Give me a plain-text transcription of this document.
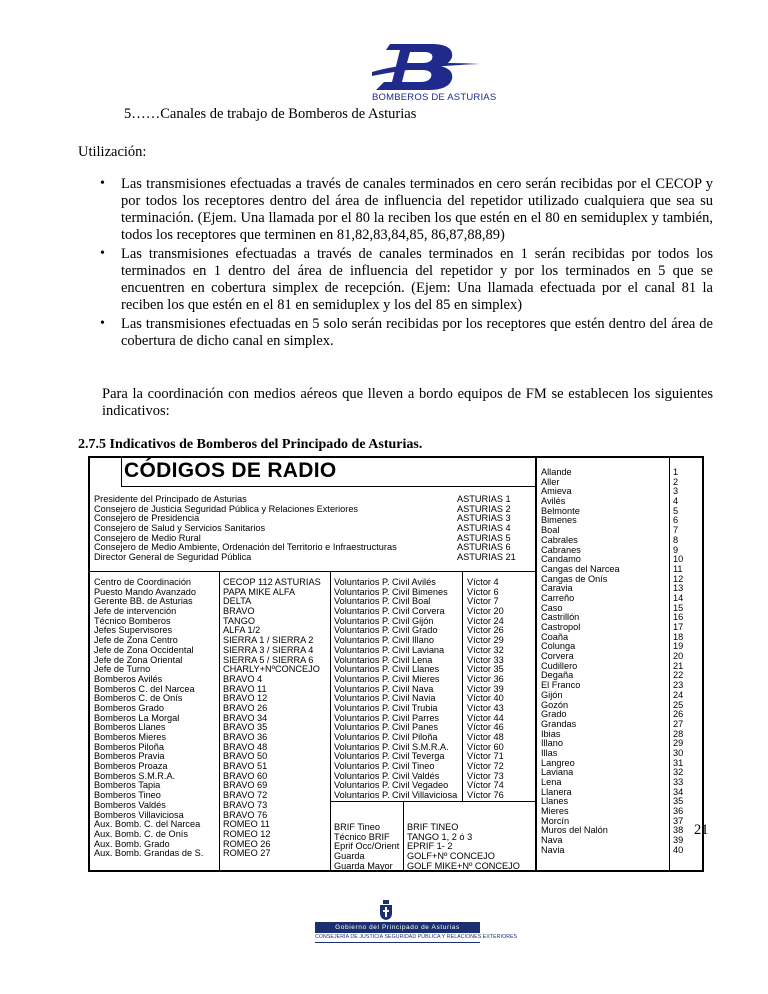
BOMBEROS DE ASTURIAS
5……Canales de trabajo de Bomberos de Asturias
Utilización:
• Las transmisiones efectuadas a través de canales terminados en cero serán recibidas por el CECOP y por todos los receptores dentro del área de influencia del repetidor utilizado cualquiera que sea su terminación. (Ejem. Una llamada por el 80 la reciben los que estén en el 80 en semiduplex y también, todos los receptores que terminen en 81,82,83,84,85, 86,87,88,89)
• Las transmisiones efectuadas a través de canales terminados en 1 serán recibidas por todos los terminados en 1 dentro del área de influencia del repetidor y por los terminados en 5 que se encuentren en cobertura simplex de recepción. (Ejem: Una llamada efectuada por el canal 81 la reciben los que estén en el 81 en semiduplex y los del 85 en simplex)
• Las transmisiones efectuadas en 5 solo serán recibidas por los receptores que estén dentro del área de cobertura de dicho canal en simplex.
Para la coordinación con medios aéreos que lleven a bordo equipos de FM se establecen los siguientes indicativos:
2.7.5 Indicativos de Bomberos del Principado de Asturias.
CÓDIGOS DE RADIO
Presidente del Principado de Asturias
Consejero de Justicia Seguridad Pública y Relaciones Exteriores
Consejero de Presidencia
Consejero de Salud y Servicios Sanitarios
Consejero de Medio Rural
Consejero de Medio Ambiente, Ordenación del Territorio e Infraestructuras
Director General de Seguridad Pública
ASTURIAS 1
ASTURIAS 2
ASTURIAS 3
ASTURIAS 4
ASTURIAS 5
ASTURIAS 6
ASTURIAS 21
Centro de Coordinación
Puesto Mando Avanzado
Gerente BB. de Asturias
Jefe de intervención
Técnico Bomberos
Jefes Supervisores
Jefe de Zona Centro
Jefe de Zona Occidental
Jefe de Zona Oriental
Jefe de Turno
Bomberos Avilés
Bomberos C. del Narcea
Bomberos C. de Onís
Bomberos Grado
Bomberos La Morgal
Bomberos Llanes
Bomberos Mieres
Bomberos Piloña
Bomberos Pravia
Bomberos Proaza
Bomberos S.M.R.A.
Bomberos Tapia
Bomberos Tineo
Bomberos Valdés
Bomberos Villaviciosa
Aux. Bomb. C. del Narcea
Aux. Bomb. C. de Onís
Aux. Bomb. Grado
Aux. Bomb. Grandas de S.
CECOP 112 ASTURIAS
PAPA MIKE ALFA
DELTA
BRAVO
TANGO
ALFA 1/2
SIERRA 1 / SIERRA 2
SIERRA 3 / SIERRA 4
SIERRA 5 / SIERRA 6
CHARLY+NºCONCEJO
BRAVO 4
BRAVO 11
BRAVO 12
BRAVO 26
BRAVO 34
BRAVO 35
BRAVO 36
BRAVO 48
BRAVO 50
BRAVO 51
BRAVO 60
BRAVO 69
BRAVO 72
BRAVO 73
BRAVO 76
ROMEO 11
ROMEO 12
ROMEO 26
ROMEO 27
Voluntarios P. Civil Avilés
Voluntarios P. Civil Bimenes
Voluntarios P. Civil Boal
Voluntarios P. Civil Corvera
Voluntarios P. Civil Gijón
Voluntarios P. Civil Grado
Voluntarios P. Civil Illano
Voluntarios P. Civil Laviana
Voluntarios P. Civil Lena
Voluntarios P. Civil Llanes
Voluntarios P. Civil Mieres
Voluntarios P. Civil Nava
Voluntarios P. Civil Navia
Voluntarios P. Civil Trubia
Voluntarios P. Civil Parres
Voluntarios P. Civil Panes
Voluntarios P. Civil Piloña
Voluntarios P. Civil S.M.R.A.
Voluntarios P. Civil Teverga
Voluntarios P. Civil Tineo
Voluntarios P. Civil Valdés
Voluntarios P. Civil Vegadeo
Voluntarios P. Civil Villaviciosa
Víctor 4
Víctor 6
Víctor 7
Víctor 20
Víctor 24
Víctor 26
Víctor 29
Víctor 32
Víctor 33
Víctor 35
Víctor 36
Víctor 39
Víctor 40
Víctor 43
Víctor 44
Víctor 46
Víctor 48
Víctor 60
Víctor 71
Víctor 72
Víctor 73
Víctor 74
Víctor 76
BRIF Tineo
Técnico BRIF
Eprif Occ/Orient
Guarda
Guarda Mayor
BRIF TINEO
TANGO 1, 2 ó 3
EPRIF 1- 2
GOLF+Nº CONCEJO
GOLF MIKE+Nº CONCEJO
Allande
Aller
Amieva
Avilés
Belmonte
Bimenes
Boal
Cabrales
Cabranes
Candamo
Cangas del Narcea
Cangas de Onís
Caravia
Carreño
Caso
Castrillón
Castropol
Coaña
Colunga
Corvera
Cudillero
Degaña
El Franco
Gijón
Gozón
Grado
Grandas
Ibias
Illano
Illas
Langreo
Laviana
Lena
Llanera
Llanes
Mieres
Morcín
Muros del Nalón
Nava
Navia
1
2
3
4
5
6
7
8
9
10
11
12
13
14
15
16
17
18
19
20
21
22
23
24
25
26
27
28
29
30
31
32
33
34
35
36
37
38
39
40
21
Gobierno del Principado de Asturias
CONSEJERÍA DE JUSTICIA SEGURIDAD PÚBLICA Y RELACIONES EXTERIORES
